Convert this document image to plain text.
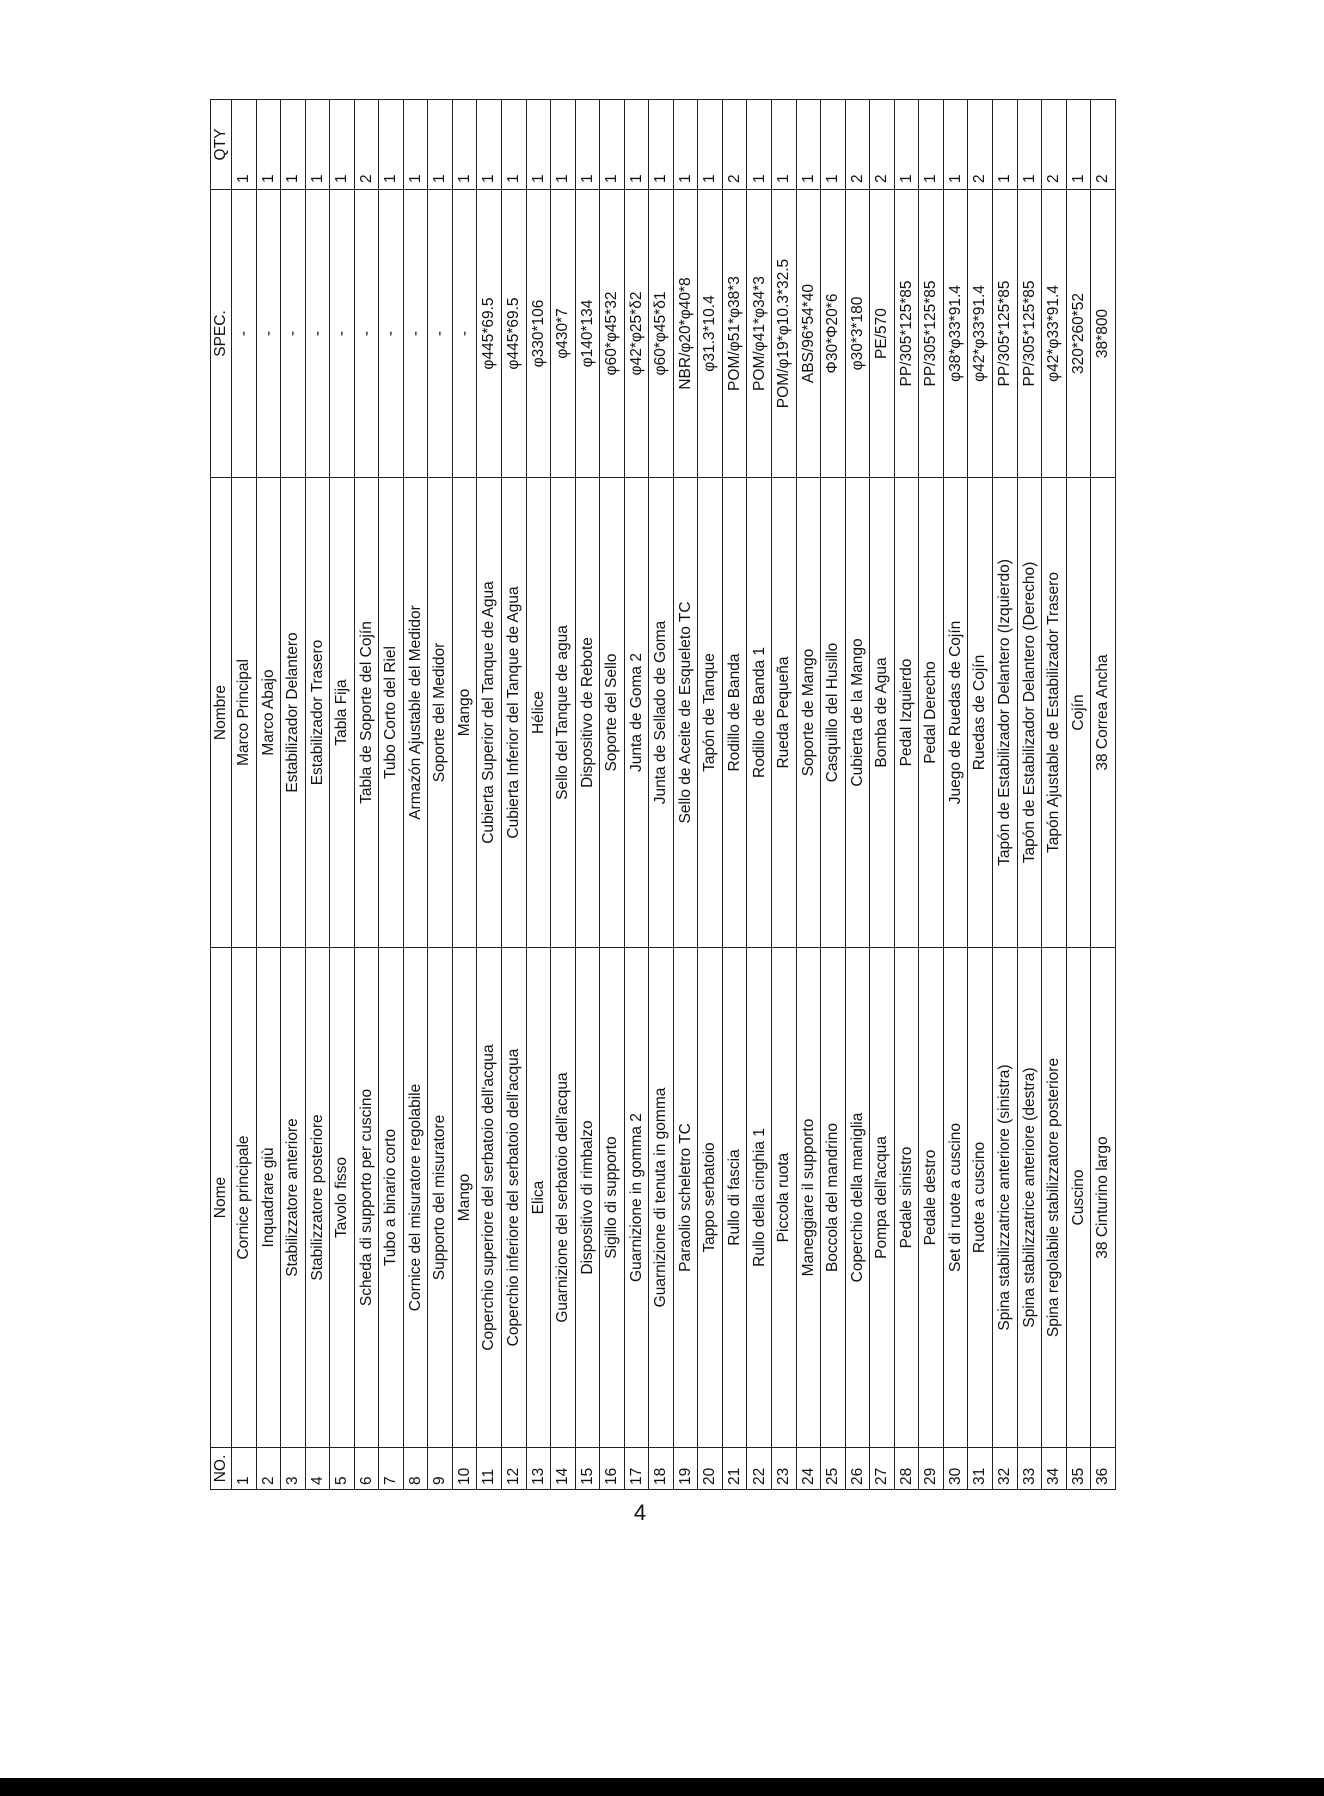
NO.	Nome	Nombre	SPEC.	QTY
1	Cornice principale	Marco Principal	-	1
2	Inquadrare giù	Marco Abajo	-	1
3	Stabilizzatore anteriore	Estabilizador Delantero	-	1
4	Stabilizzatore posteriore	Estabilizador Trasero	-	1
5	Tavolo fisso	Tabla Fija	-	1
6	Scheda di supporto per cuscino	Tabla de Soporte del Cojín	-	2
7	Tubo a binario corto	Tubo Corto del Riel	-	1
8	Cornice del misuratore regolabile	Armazón Ajustable del Medidor	-	1
9	Supporto del misuratore	Soporte del Medidor	-	1
10	Mango	Mango	-	1
11	Coperchio superiore del serbatoio dell'acqua	Cubierta Superior del Tanque de Agua	φ445*69.5	1
12	Coperchio inferiore del serbatoio dell'acqua	Cubierta Inferior del Tanque de Agua	φ445*69.5	1
13	Elica	Hélice	φ330*106	1
14	Guarnizione del serbatoio dell'acqua	Sello del Tanque de agua	φ430*7	1
15	Dispositivo di rimbalzo	Dispositivo de Rebote	φ140*134	1
16	Sigillo di supporto	Soporte del Sello	φ60*φ45*32	1
17	Guarnizione in gomma 2	Junta de Goma 2	φ42*φ25*δ2	1
18	Guarnizione di tenuta in gomma	Junta de Sellado de Goma	φ60*φ45*δ1	1
19	Paraolio scheletro TC	Sello de Aceite de Esqueleto TC	NBR/φ20*φ40*8	1
20	Tappo serbatoio	Tapón de Tanque	φ31.3*10.4	1
21	Rullo di fascia	Rodillo de Banda	POM/φ51*φ38*3	2
22	Rullo della cinghia 1	Rodillo de Banda 1	POM/φ41*φ34*3	1
23	Piccola ruota	Rueda Pequeña	POM/φ19*φ10.3*32.5	1
24	Maneggiare il supporto	Soporte de Mango	ABS/96*54*40	1
25	Boccola del mandrino	Casquillo del Husillo	Φ30*Φ20*6	1
26	Coperchio della maniglia	Cubierta de la Mango	φ30*3*180	2
27	Pompa dell'acqua	Bomba de Agua	PE/570	2
28	Pedale sinistro	Pedal Izquierdo	PP/305*125*85	1
29	Pedale destro	Pedal Derecho	PP/305*125*85	1
30	Set di ruote a cuscino	Juego de Ruedas de Cojín	φ38*φ33*91.4	1
31	Ruote a cuscino	Ruedas de Cojín	φ42*φ33*91.4	2
32	Spina stabilizzatrice anteriore (sinistra)	Tapón de Estabilizador Delantero (Izquierdo)	PP/305*125*85	1
33	Spina stabilizzatrice anteriore (destra)	Tapón de Estabilizador Delantero (Derecho)	PP/305*125*85	1
34	Spina regolabile stabilizzatore posteriore	Tapón Ajustable de Estabilizador Trasero	φ42*φ33*91.4	2
35	Cuscino	Cojín	320*260*52	1
36	38 Cinturino largo	38 Correa Ancha	38*800	2
4
